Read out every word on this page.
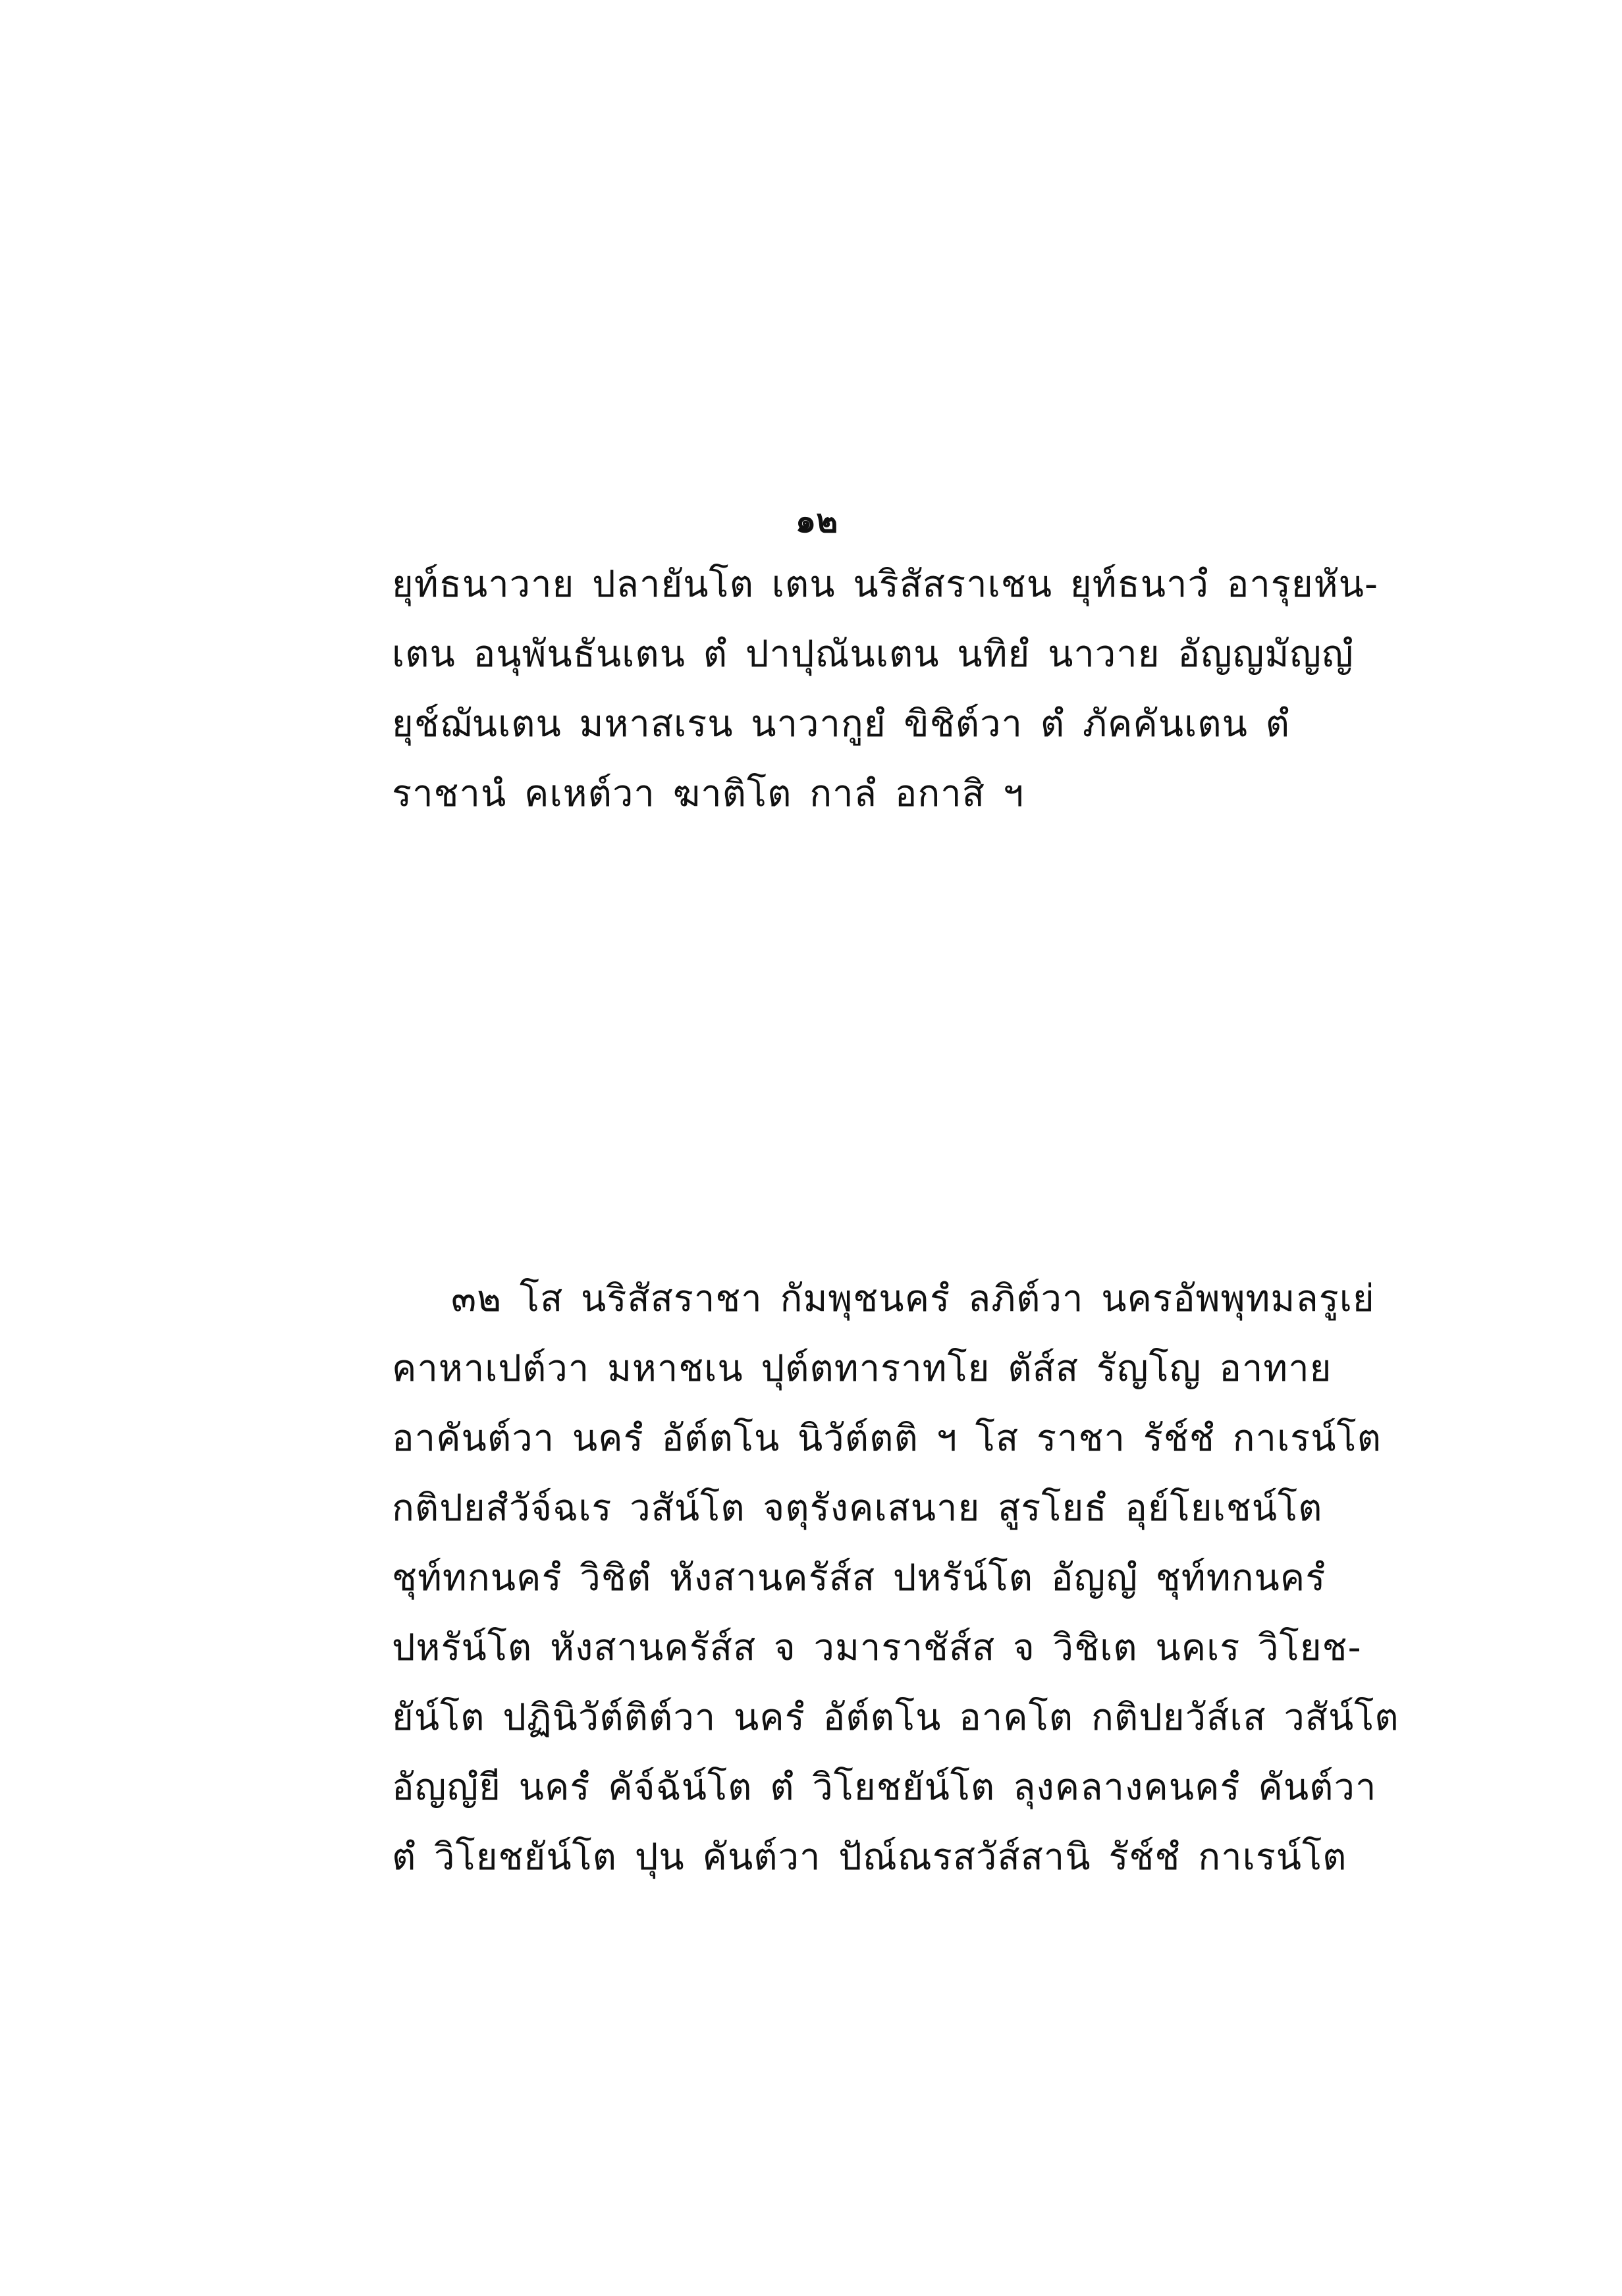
๑๒
ยุท์ธนาวาย ปลายันโต เตน นริสัสราเชน ยุท์ธนาวํ อารุยหัน-
เตน อนุพันธันเตน ตํ ปาปุณันเตน นทิยํ นาวาย อัญญมัญญํ
ยุช์ฌันเตน มหาสเรน นาวากูยํ ขิชิต์วา ตํ ภัคคันเตน ตํ
ราชานํ คเหต์วา ฆาติโต กาลํ อกาสิ ฯ
๓๒ โส นริสัสราชา กัมพุชนครํ ลภิต์วา นครอัพพุทมลรูเย่
คาหาเปต์วา มหาชเน ปุต์ตทาราทโย ตัส์ส รัญโญ อาทาย
อาคันต์วา นครํ อัต์ตโน นิวัต์ตติ ฯ โส ราชา รัช์ชํ กาเรน์โต
กติปยสํวัจ์ฉเร วสัน์โต จตุรังคเสนาย สูรโยธํ อุย์โยเชน์โต
ชุท์ทกนครํ วิชิตํ หังสานครัส์ส ปหรัน์โต อัญญํ ชุท์ทกนครํ
ปหรัน์โต หังสานครัส์ส จ วมาราชัส์ส จ วิชิเต นคเร วิโยช-
ยัน์โต ปฏินิวัต์ติต์วา นครํ อัต์ตโน อาคโต กติปยวัส์เส วสัน์โต
อัญญํยี นครํ คัจ์ฉัน์โต ตํ วิโยชยัน์โต ลุงคลางคนครํ คันต์วา
ตํ วิโยชยัน์โต ปุน คันต์วา ปัณ์ณรสวัส์สานิ รัช์ชํ กาเรน์โต
